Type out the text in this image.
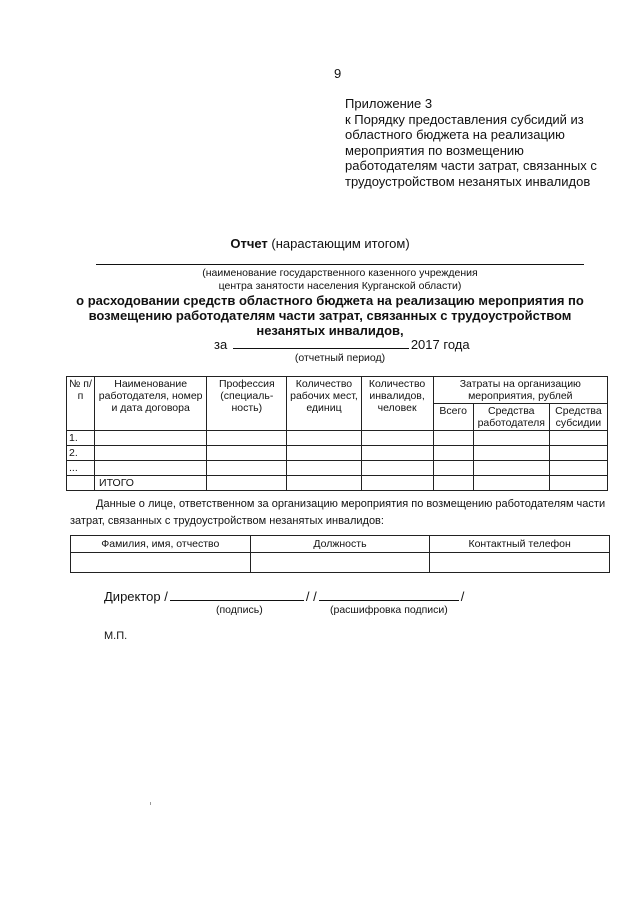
9
Приложение 3
к Порядку предоставления субсидий из
областного бюджета на реализацию
мероприятия по возмещению
работодателям части затрат, связанных с
трудоустройством незанятых инвалидов
Отчет (нарастающим итогом)
(наименование государственного казенного учреждения
центра занятости населения Курганской области)
о расходовании средств областного бюджета на реализацию мероприятия по возмещению работодателям части затрат, связанных с трудоустройством незанятых инвалидов,
за	2017 года
(отчетный период)
№ п/п	Наименование работодателя, номер и дата договора	Профессия (специаль- ность)	Количество рабочих мест, единиц	Количество инвалидов, человек	Затраты на организацию мероприятия, рублей		
					Всего	Средства работодателя	Средства субсидии
1.							
2.							
...							
	ИТОГО						
Данные о лице, ответственном за организацию мероприятия по возмещению работодателям части затрат, связанных с трудоустройством незанятых инвалидов:
Фамилия, имя, отчество	Должность	Контактный телефон

Директор /	/ /	/
(подпись)	(расшифровка подписи)
М.П.
